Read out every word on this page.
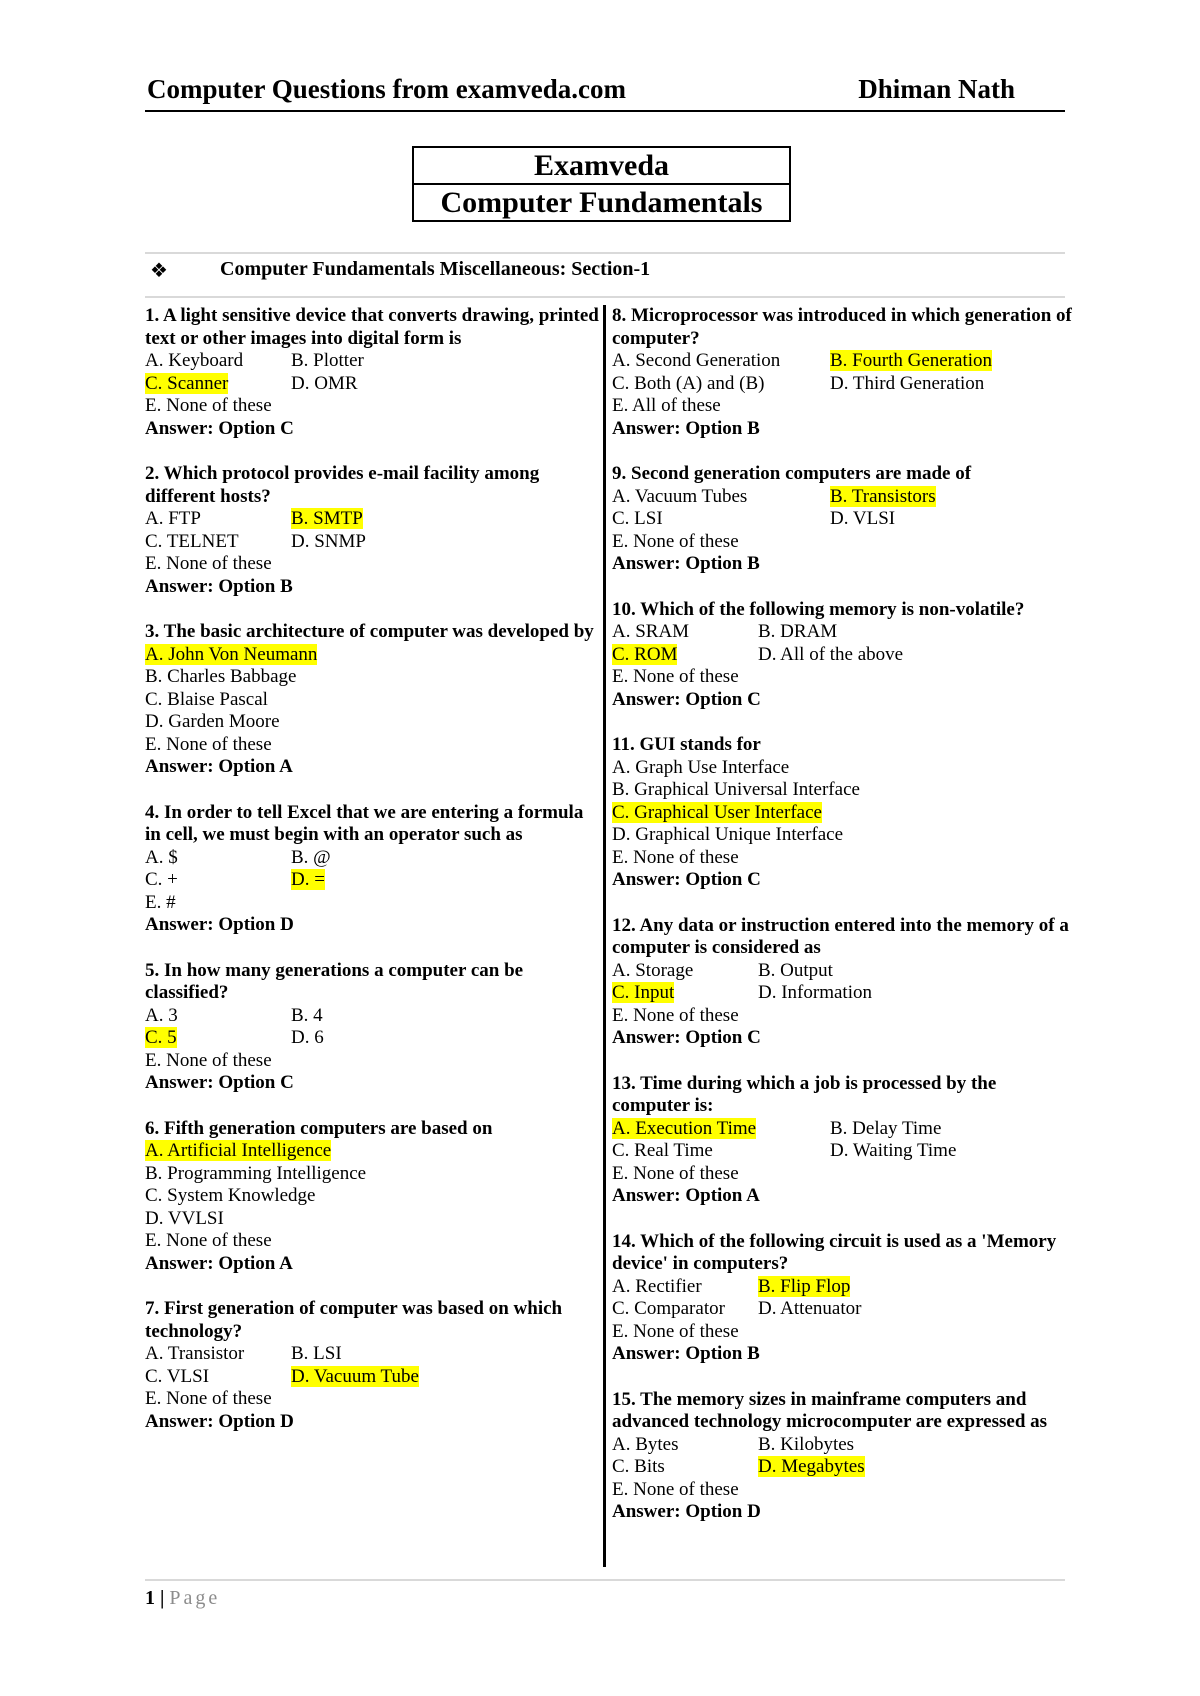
Computer Questions from examveda.com	Dhiman Nath
Examveda
Computer Fundamentals
❖	Computer Fundamentals Miscellaneous: Section-1
1. A light sensitive device that converts drawing, printed text or other images into digital form is
A. Keyboard	B. Plotter
C. Scanner	D. OMR
E. None of these
Answer: Option C
2. Which protocol provides e-mail facility among different hosts?
A. FTP	B. SMTP
C. TELNET	D. SNMP
E. None of these
Answer: Option B
3. The basic architecture of computer was developed by
A. John Von Neumann
B. Charles Babbage
C. Blaise Pascal
D. Garden Moore
E. None of these
Answer: Option A
4. In order to tell Excel that we are entering a formula in cell, we must begin with an operator such as
A. $	B. @
C. +	D. =
E. #
Answer: Option D
5. In how many generations a computer can be classified?
A. 3	B. 4
C. 5	D. 6
E. None of these
Answer: Option C
6. Fifth generation computers are based on
A. Artificial Intelligence
B. Programming Intelligence
C. System Knowledge
D. VVLSI
E. None of these
Answer: Option A
7. First generation of computer was based on which technology?
A. Transistor	B. LSI
C. VLSI	D. Vacuum Tube
E. None of these
Answer: Option D
8. Microprocessor was introduced in which generation of computer?
A. Second Generation	B. Fourth Generation
C. Both (A) and (B)	D. Third Generation
E. All of these
Answer: Option B
9. Second generation computers are made of
A. Vacuum Tubes	B. Transistors
C. LSI	D. VLSI
E. None of these
Answer: Option B
10. Which of the following memory is non-volatile?
A. SRAM	B. DRAM
C. ROM	D. All of the above
E. None of these
Answer: Option C
11. GUI stands for
A. Graph Use Interface
B. Graphical Universal Interface
C. Graphical User Interface
D. Graphical Unique Interface
E. None of these
Answer: Option C
12. Any data or instruction entered into the memory of a computer is considered as
A. Storage	B. Output
C. Input	D. Information
E. None of these
Answer: Option C
13. Time during which a job is processed by the computer is:
A. Execution Time	B. Delay Time
C. Real Time	D. Waiting Time
E. None of these
Answer: Option A
14. Which of the following circuit is used as a 'Memory device' in computers?
A. Rectifier	B. Flip Flop
C. Comparator	D. Attenuator
E. None of these
Answer: Option B
15. The memory sizes in mainframe computers and advanced technology microcomputer are expressed as
A. Bytes	B. Kilobytes
C. Bits	D. Megabytes
E. None of these
Answer: Option D
1 | Page
